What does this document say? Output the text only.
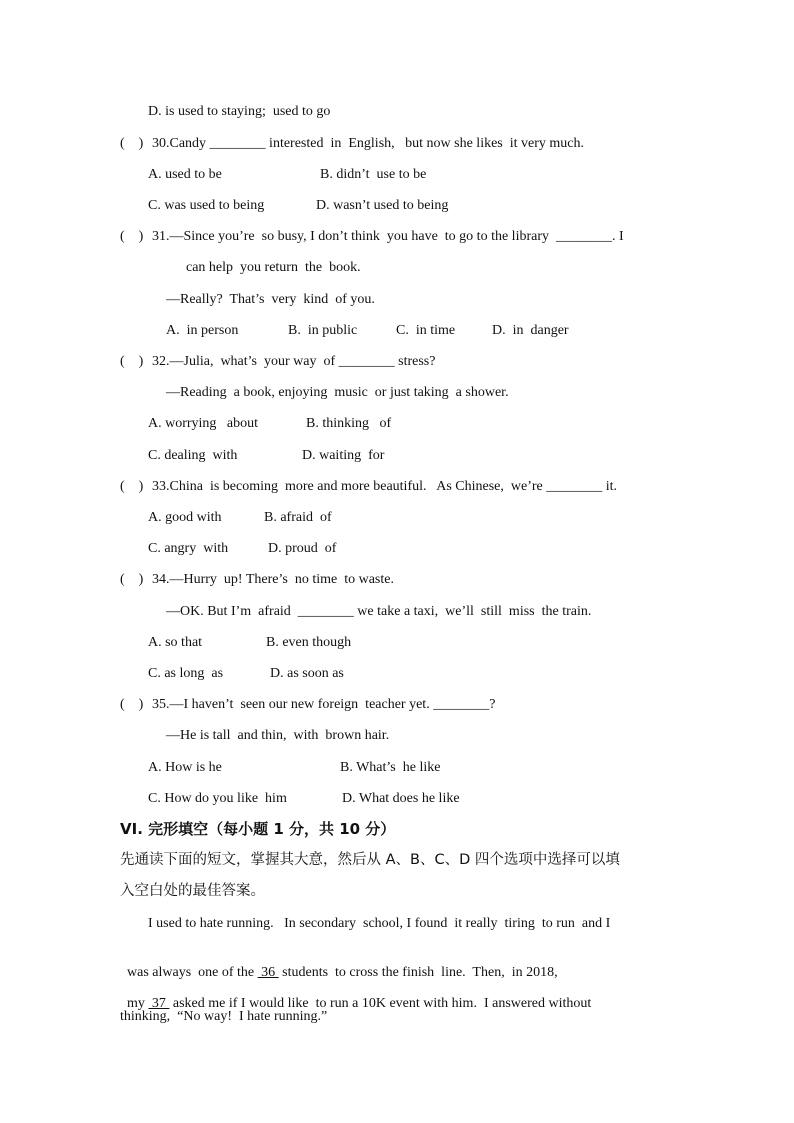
D. is used to staying;  used to go
(    ) 30.Candy ________ interested  in  English,   but now she likes  it very much.
A. used to be	B. didn’t  use to be
C. was used to being	D. wasn’t used to being
(    ) 31.—Since you’re  so busy, I don’t think  you have  to go to the library  ________. I
can help  you return  the  book.
—Really?  That’s  very  kind  of you.
A.  in person	B.  in public	C.  in time	D.  in  danger
(    ) 32.—Julia,  what’s  your way  of ________ stress?
—Reading  a book, enjoying  music  or just taking  a shower.
A. worrying   about	B. thinking   of
C. dealing  with	D. waiting  for
(    ) 33.China  is becoming  more and more beautiful.   As Chinese,  we’re ________ it.
A. good with	B. afraid  of
C. angry  with	D. proud  of
(    ) 34.—Hurry  up! There’s  no time  to waste.
—OK. But I’m  afraid  ________ we take a taxi,  we’ll  still  miss  the train.
A. so that	B. even though
C. as long  as	D. as soon as
(    ) 35.—I haven’t  seen our new foreign  teacher yet. ________?
—He is tall  and thin,  with  brown hair.
A. How is he	B. What’s  he like
C. How do you like  him	D. What does he like
VI. 完形填空（每小题 1 分，共 10 分）
先通读下面的短文，掌握其大意，然后从 A、B、C、D 四个选项中选择可以填
入空白处的最佳答案。
I used to hate running.   In secondary  school, I found  it really  tiring  to run  and I

was always  one of the  36  students  to cross the finish  line.  Then,  in 2018,

my  37  asked me if I would like  to run a 10K event with him.  I answered without

thinking,  “No way!  I hate running.”
